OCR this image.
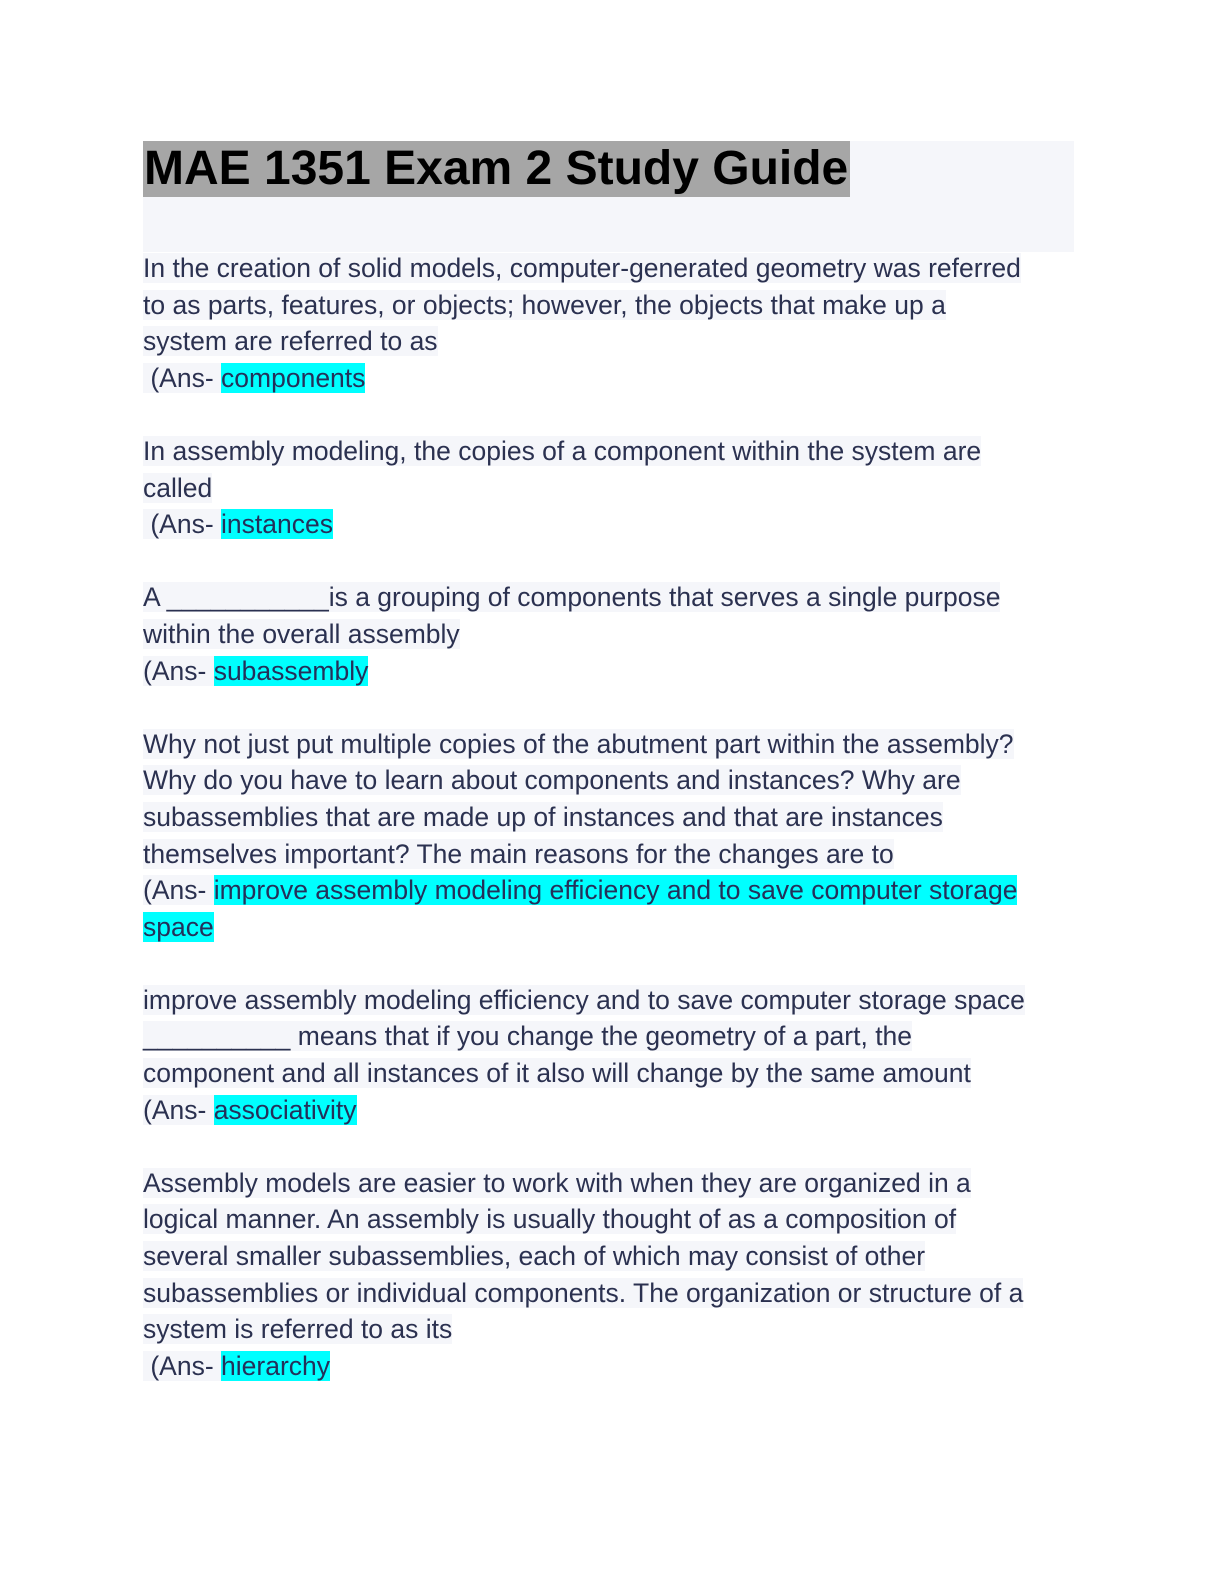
MAE 1351 Exam 2 Study Guide
In the creation of solid models, computer-generated geometry was referred
to as parts, features, or objects; however, the objects that make up a
system are referred to as
(Ans- components
In assembly modeling, the copies of a component within the system are
called
(Ans- instances
A ___________is a grouping of components that serves a single purpose
within the overall assembly
(Ans- subassembly
Why not just put multiple copies of the abutment part within the assembly?
Why do you have to learn about components and instances? Why are
subassemblies that are made up of instances and that are instances
themselves important? The main reasons for the changes are to
(Ans- improve assembly modeling efficiency and to save computer storage
space
improve assembly modeling efficiency and to save computer storage space
__________ means that if you change the geometry of a part, the
component and all instances of it also will change by the same amount
(Ans- associativity
Assembly models are easier to work with when they are organized in a
logical manner. An assembly is usually thought of as a composition of
several smaller subassemblies, each of which may consist of other
subassemblies or individual components. The organization or structure of a
system is referred to as its
(Ans- hierarchy
